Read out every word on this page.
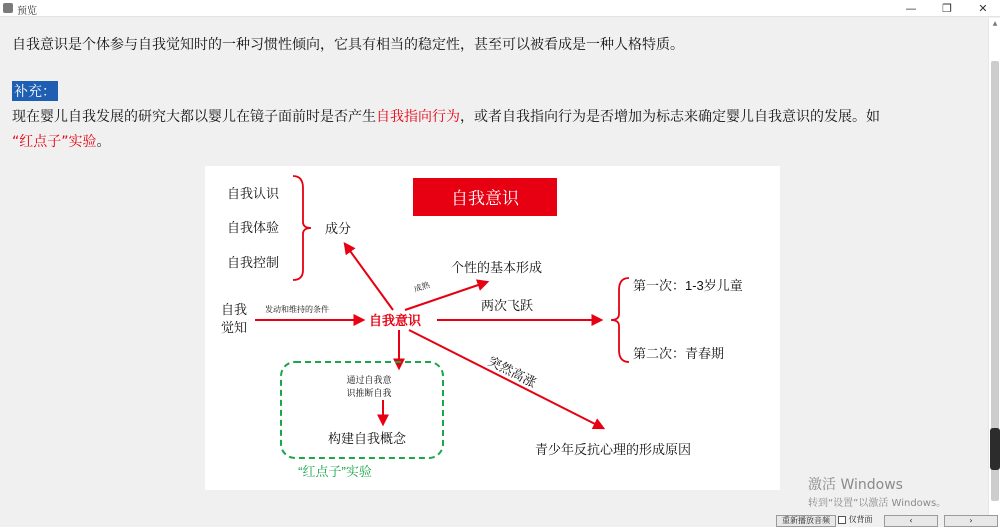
预览	—	❐	✕
自我意识是个体参与自我觉知时的一种习惯性倾向，它具有相当的稳定性，甚至可以被看成是一种人格特质。
补充：
现在婴儿自我发展的研究大都以婴儿在镜子面前时是否产生自我指向行为，或者自我指向行为是否增加为标志来确定婴儿自我意识的发展。如
“红点子”实验。
自我意识
自我认识
自我体验
自我控制
成分
自我
觉知
发动和维持的条件
自我意识
成熟
个性的基本形成
两次飞跃
第一次：1-3岁儿童
第二次：青春期
通过自我意
识推断自我
构建自我概念
“红点子”实验
突然高涨
青少年反抗心理的形成原因
▲
激活 Windows
转到“设置”以激活 Windows。
重新播放音频	仅背面	‹	›
